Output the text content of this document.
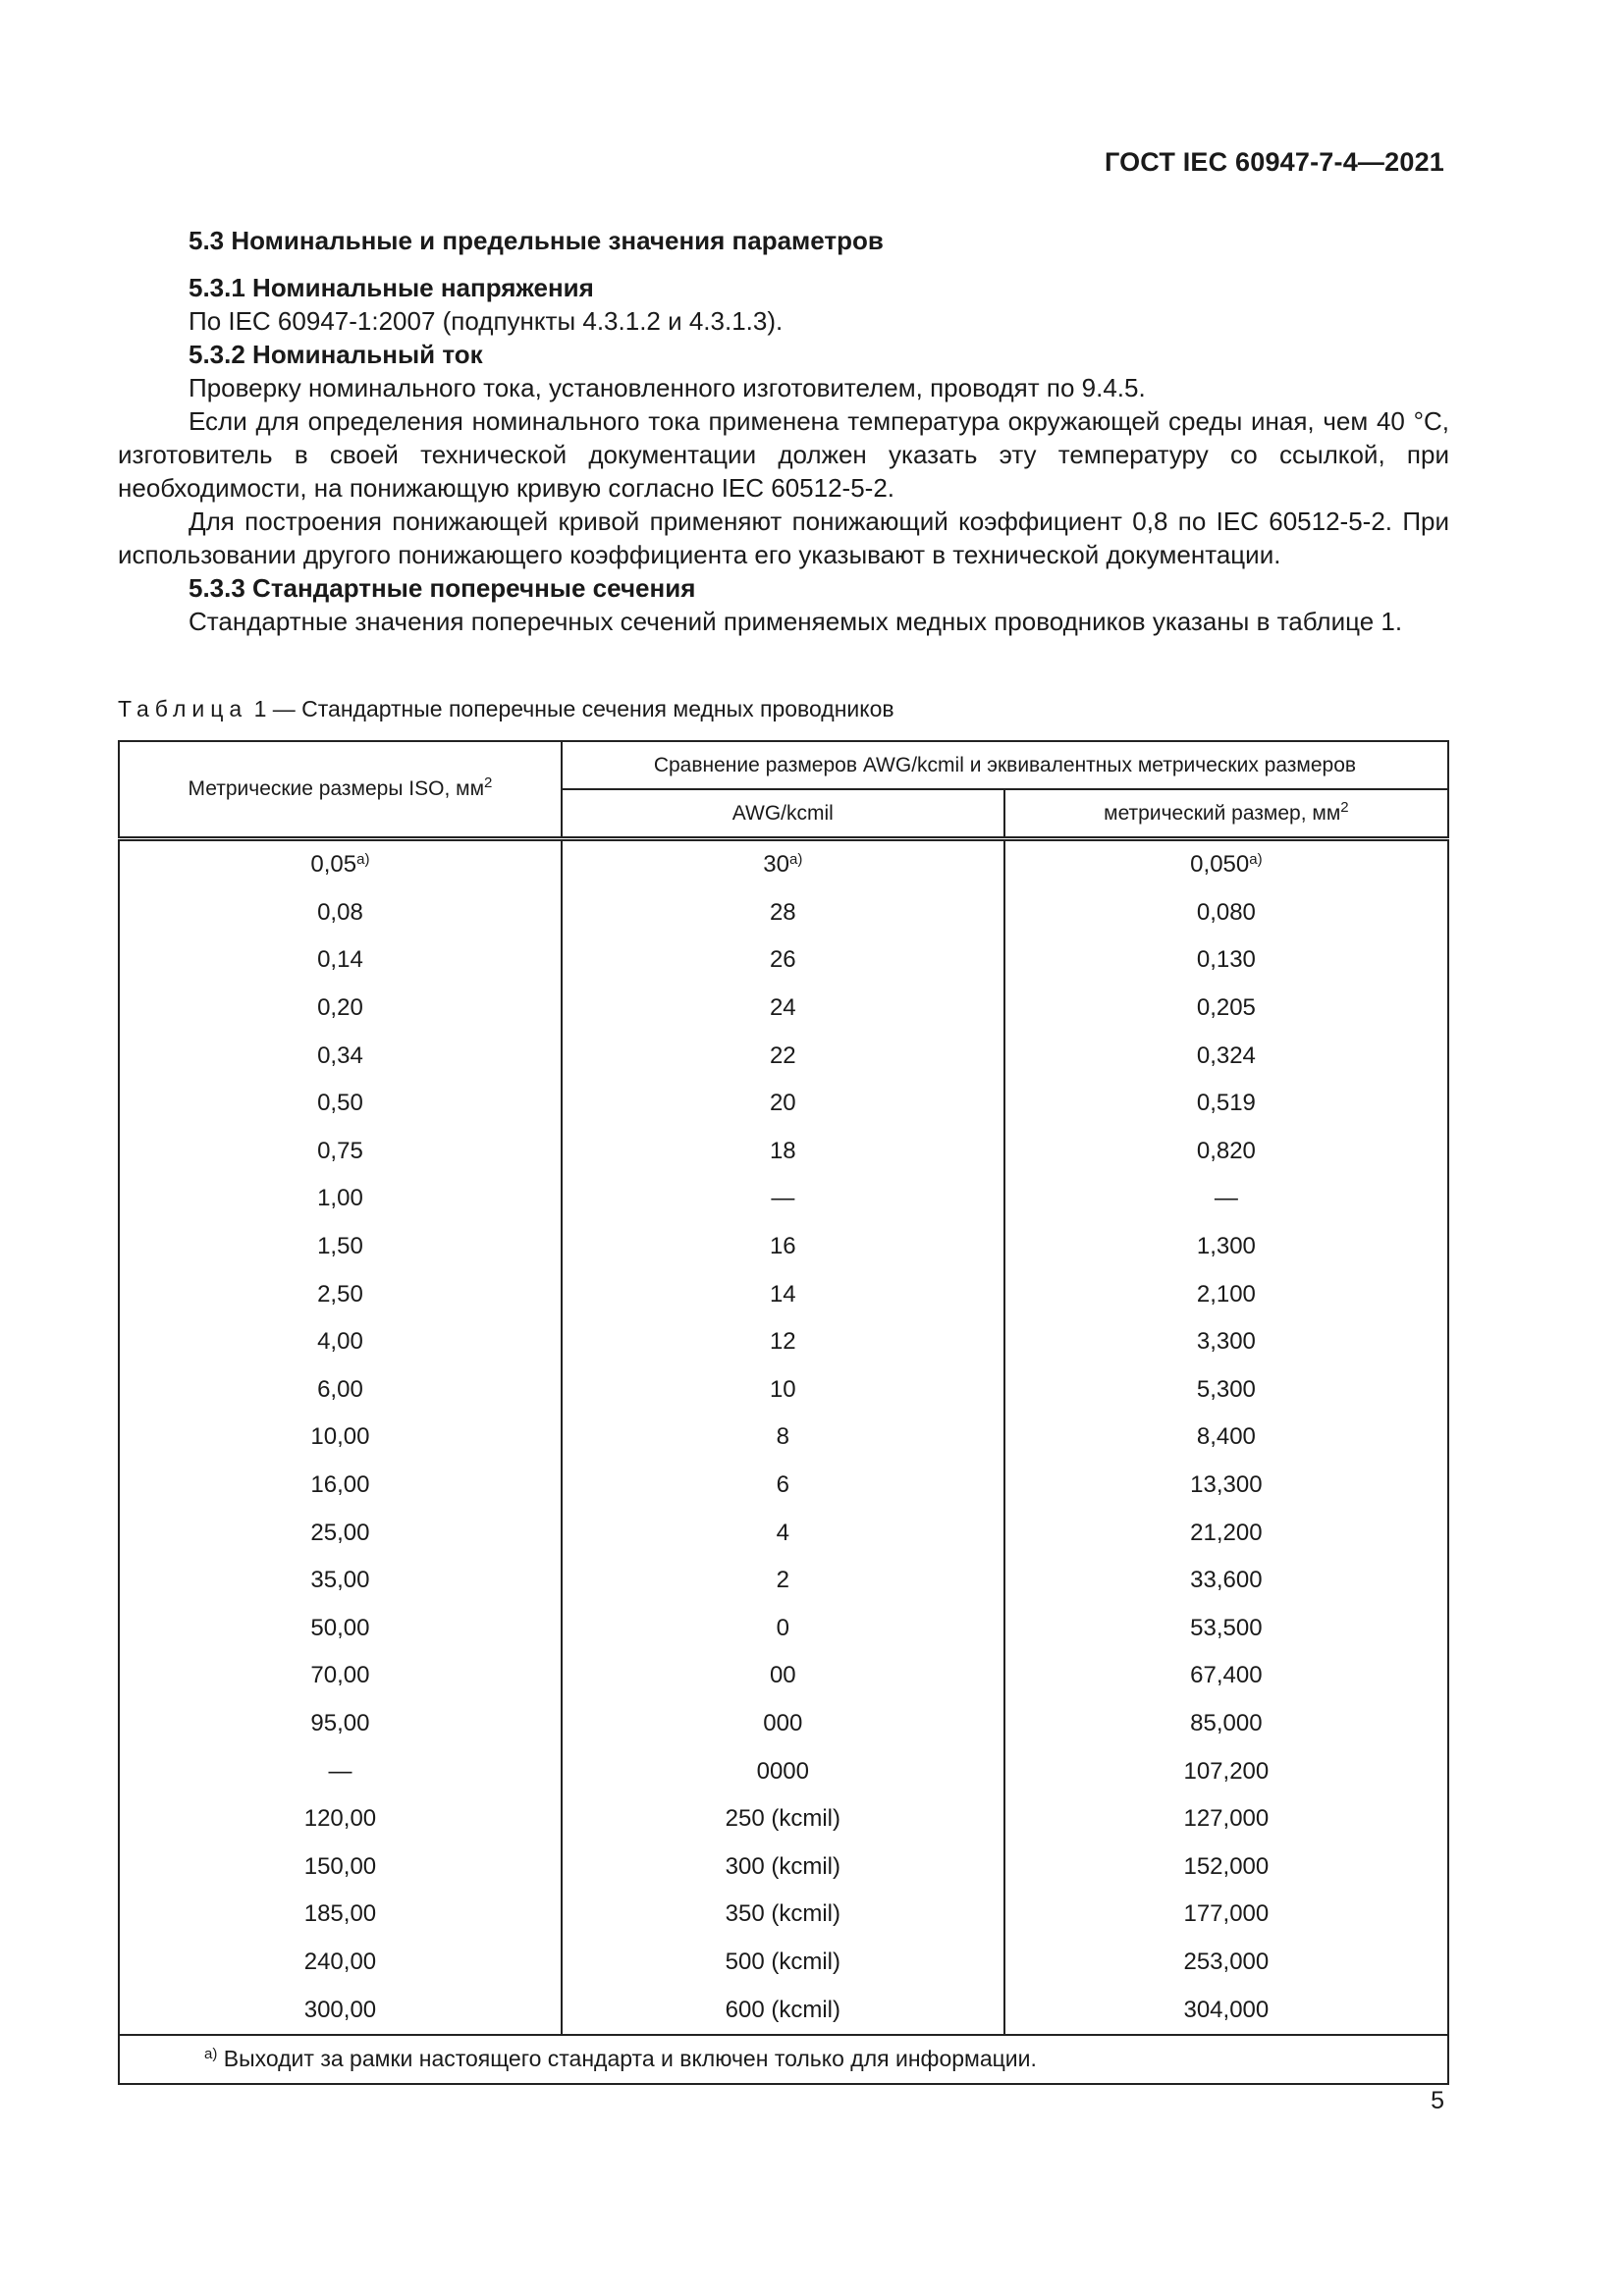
ГОСТ IEC 60947-7-4—2021
5.3 Номинальные и предельные значения параметров
5.3.1 Номинальные напряжения
По IEC 60947-1:2007 (подпункты 4.3.1.2 и 4.3.1.3).
5.3.2 Номинальный ток
Проверку номинального тока, установленного изготовителем, проводят по 9.4.5.
Если для определения номинального тока применена температура окружающей среды иная, чем 40 °С, изготовитель в своей технической документации должен указать эту температуру со ссылкой, при необходимости, на понижающую кривую согласно IEC 60512-5-2.
Для построения понижающей кривой применяют понижающий коэффициент 0,8 по IEC 60512-5-2. При использовании другого понижающего коэффициента его указывают в технической документации.
5.3.3 Стандартные поперечные сечения
Стандартные значения поперечных сечений применяемых медных проводников указаны в таблице 1.
Таблица 1 — Стандартные поперечные сечения медных проводников
Метрические размеры ISO, $мм^2$	Сравнение размеров AWG/kcmil и эквивалентных метрических размеров	
	AWG/kcmil	метрический размер, $мм^2$
0,05$^{a)}$	30$^{a)}$	0,050$^{a)}$
0,08	28	0,080
0,14	26	0,130
0,20	24	0,205
0,34	22	0,324
0,50	20	0,519
0,75	18	0,820
1,00	—	—
1,50	16	1,300
2,50	14	2,100
4,00	12	3,300
6,00	10	5,300
10,00	8	8,400
16,00	6	13,300
25,00	4	21,200
35,00	2	33,600
50,00	0	53,500
70,00	00	67,400
95,00	000	85,000
—	0000	107,200
120,00	250 (kcmil)	127,000
150,00	300 (kcmil)	152,000
185,00	350 (kcmil)	177,000
240,00	500 (kcmil)	253,000
300,00	600 (kcmil)	304,000
$^{a)}$ Выходит за рамки настоящего стандарта и включен только для информации.		
5
